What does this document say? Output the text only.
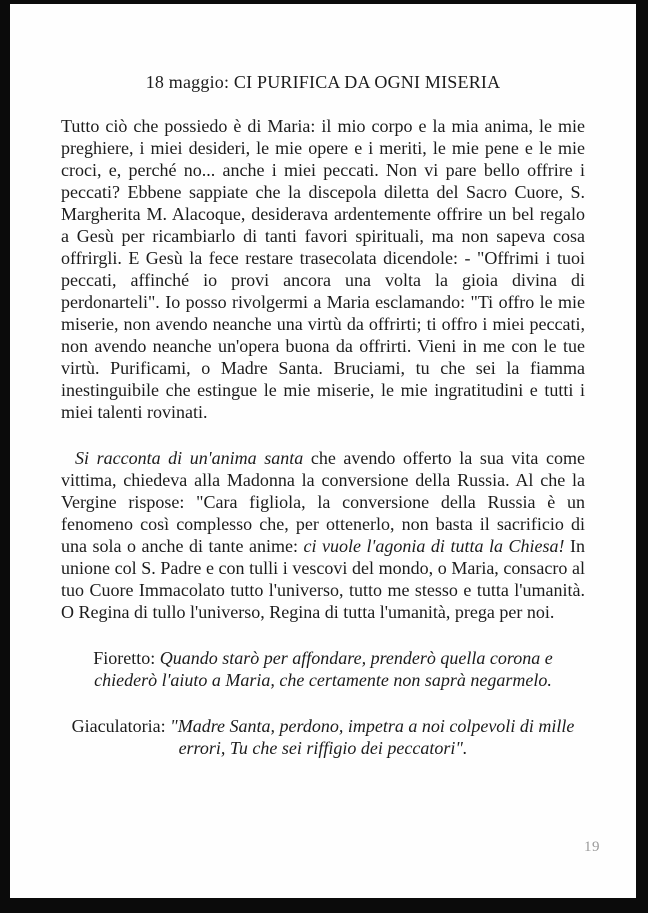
18 maggio: CI PURIFICA DA OGNI MISERIA

Tutto ciò che possiedo è di Maria: il mio corpo e la mia anima, le mie preghiere, i miei desideri, le mie opere e i meriti, le mie pene e le mie croci, e, perché no... anche i miei peccati. Non vi pare bello offrire i peccati? Ebbene sappiate che la discepola diletta del Sacro Cuore, S. Margherita M. Alacoque, desiderava ardentemente offrire un bel regalo a Gesù per ricambiarlo di tanti favori spirituali, ma non sapeva cosa offrirgli. E Gesù la fece restare trasecolata dicendole: - "Offrimi i tuoi peccati, affinché io provi ancora una volta la gioia divina di perdonarteli". Io posso rivolgermi a Maria esclamando: "Ti offro le mie miserie, non avendo neanche una virtù da offrirti; ti offro i miei peccati, non avendo neanche un'opera buona da offrirti. Vieni in me con le tue virtù. Purificami, o Madre Santa. Bruciami, tu che sei la fiamma inestinguibile che estingue le mie miserie, le mie ingratitudini e tutti i miei talenti rovinati.

Si racconta di un'anima santa che avendo offerto la sua vita come vittima, chiedeva alla Madonna la conversione della Russia. Al che la Vergine rispose: "Cara figliola, la conversione della Russia è un fenomeno così complesso che, per ottenerlo, non basta il sacrificio di una sola o anche di tante anime: ci vuole l'agonia di tutta la Chiesa! In unione col S. Padre e con tulli i vescovi del mondo, o Maria, consacro al tuo Cuore Immacolato tutto l'universo, tutto me stesso e tutta l'umanità. O Regina di tullo l'universo, Regina di tutta l'umanità, prega per noi.

Fioretto: Quando starò per affondare, prenderò quella corona e chiederò l'aiuto a Maria, che certamente non saprà negarmelo.

Giaculatoria: "Madre Santa, perdono, impetra a noi colpevoli di mille errori, Tu che sei riffigio dei peccatori".

19
